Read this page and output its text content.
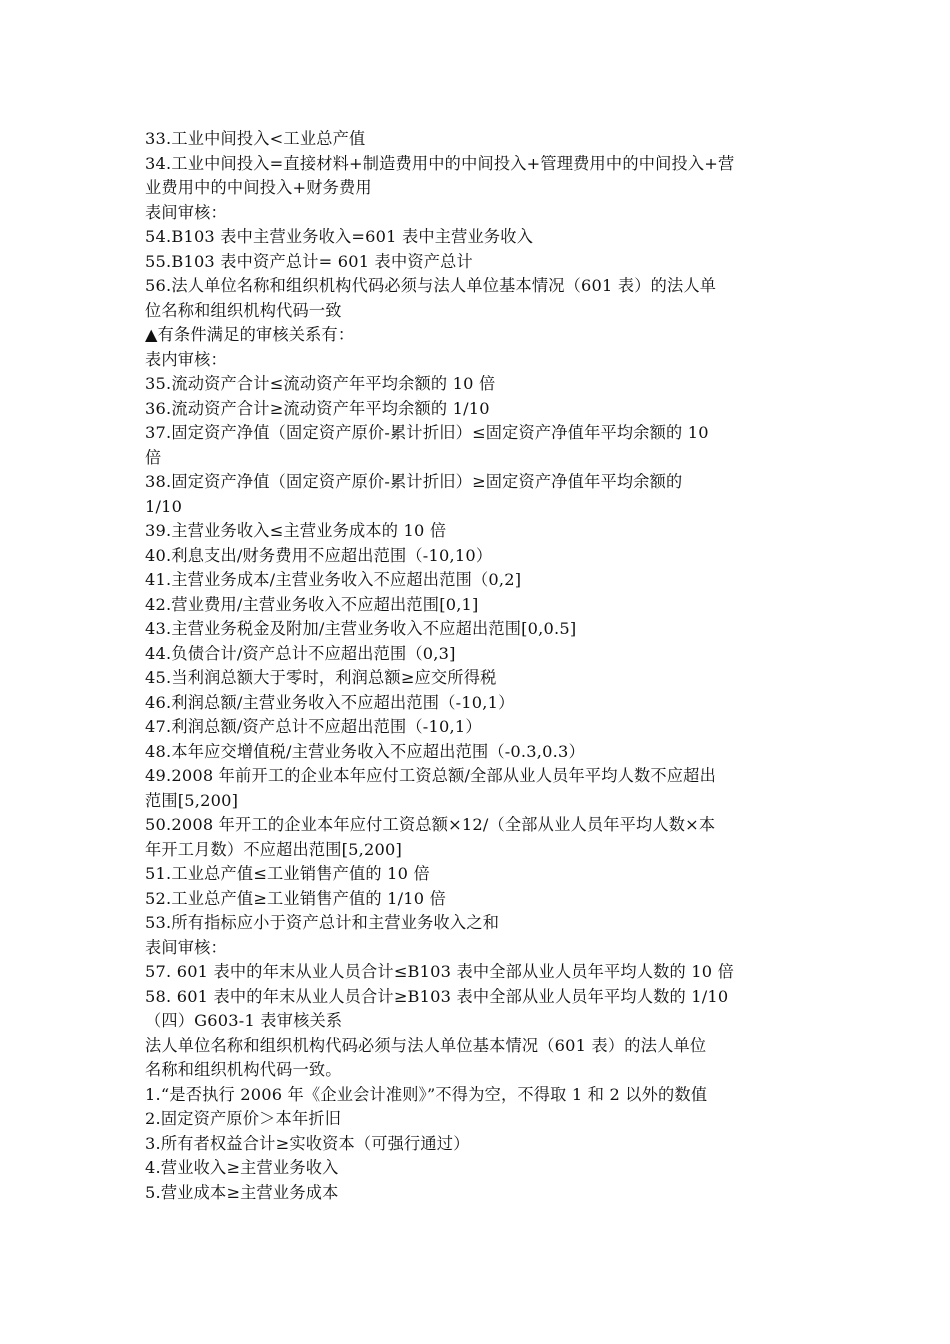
33.工业中间投入<工业总产值
34.工业中间投入=直接材料+制造费用中的中间投入+管理费用中的中间投入+营
业费用中的中间投入+财务费用
表间审核：
54.B103 表中主营业务收入=601 表中主营业务收入
55.B103 表中资产总计= 601 表中资产总计
56.法人单位名称和组织机构代码必须与法人单位基本情况（601 表）的法人单
位名称和组织机构代码一致
▲有条件满足的审核关系有：
表内审核：
35.流动资产合计≤流动资产年平均余额的 10 倍
36.流动资产合计≥流动资产年平均余额的 1/10
37.固定资产净值（固定资产原价-累计折旧）≤固定资产净值年平均余额的 10
倍
38.固定资产净值（固定资产原价-累计折旧）≥固定资产净值年平均余额的
1/10
39.主营业务收入≤主营业务成本的 10 倍
40.利息支出/财务费用不应超出范围（-10,10）
41.主营业务成本/主营业务收入不应超出范围（0,2]
42.营业费用/主营业务收入不应超出范围[0,1]
43.主营业务税金及附加/主营业务收入不应超出范围[0,0.5]
44.负债合计/资产总计不应超出范围（0,3]
45.当利润总额大于零时，利润总额≥应交所得税
46.利润总额/主营业务收入不应超出范围（-10,1）
47.利润总额/资产总计不应超出范围（-10,1）
48.本年应交增值税/主营业务收入不应超出范围（-0.3,0.3）
49.2008 年前开工的企业本年应付工资总额/全部从业人员年平均人数不应超出
范围[5,200]
50.2008 年开工的企业本年应付工资总额×12/（全部从业人员年平均人数×本
年开工月数）不应超出范围[5,200]
51.工业总产值≤工业销售产值的 10 倍
52.工业总产值≥工业销售产值的 1/10 倍
53.所有指标应小于资产总计和主营业务收入之和
表间审核：
57. 601 表中的年末从业人员合计≤B103 表中全部从业人员年平均人数的 10 倍
58. 601 表中的年末从业人员合计≥B103 表中全部从业人员年平均人数的 1/10
（四）G603-1 表审核关系
法人单位名称和组织机构代码必须与法人单位基本情况（601 表）的法人单位
名称和组织机构代码一致。
1.“是否执行 2006 年《企业会计准则》”不得为空，不得取 1 和 2 以外的数值
2.固定资产原价＞本年折旧
3.所有者权益合计≥实收资本（可强行通过）
4.营业收入≥主营业务收入
5.营业成本≥主营业务成本
